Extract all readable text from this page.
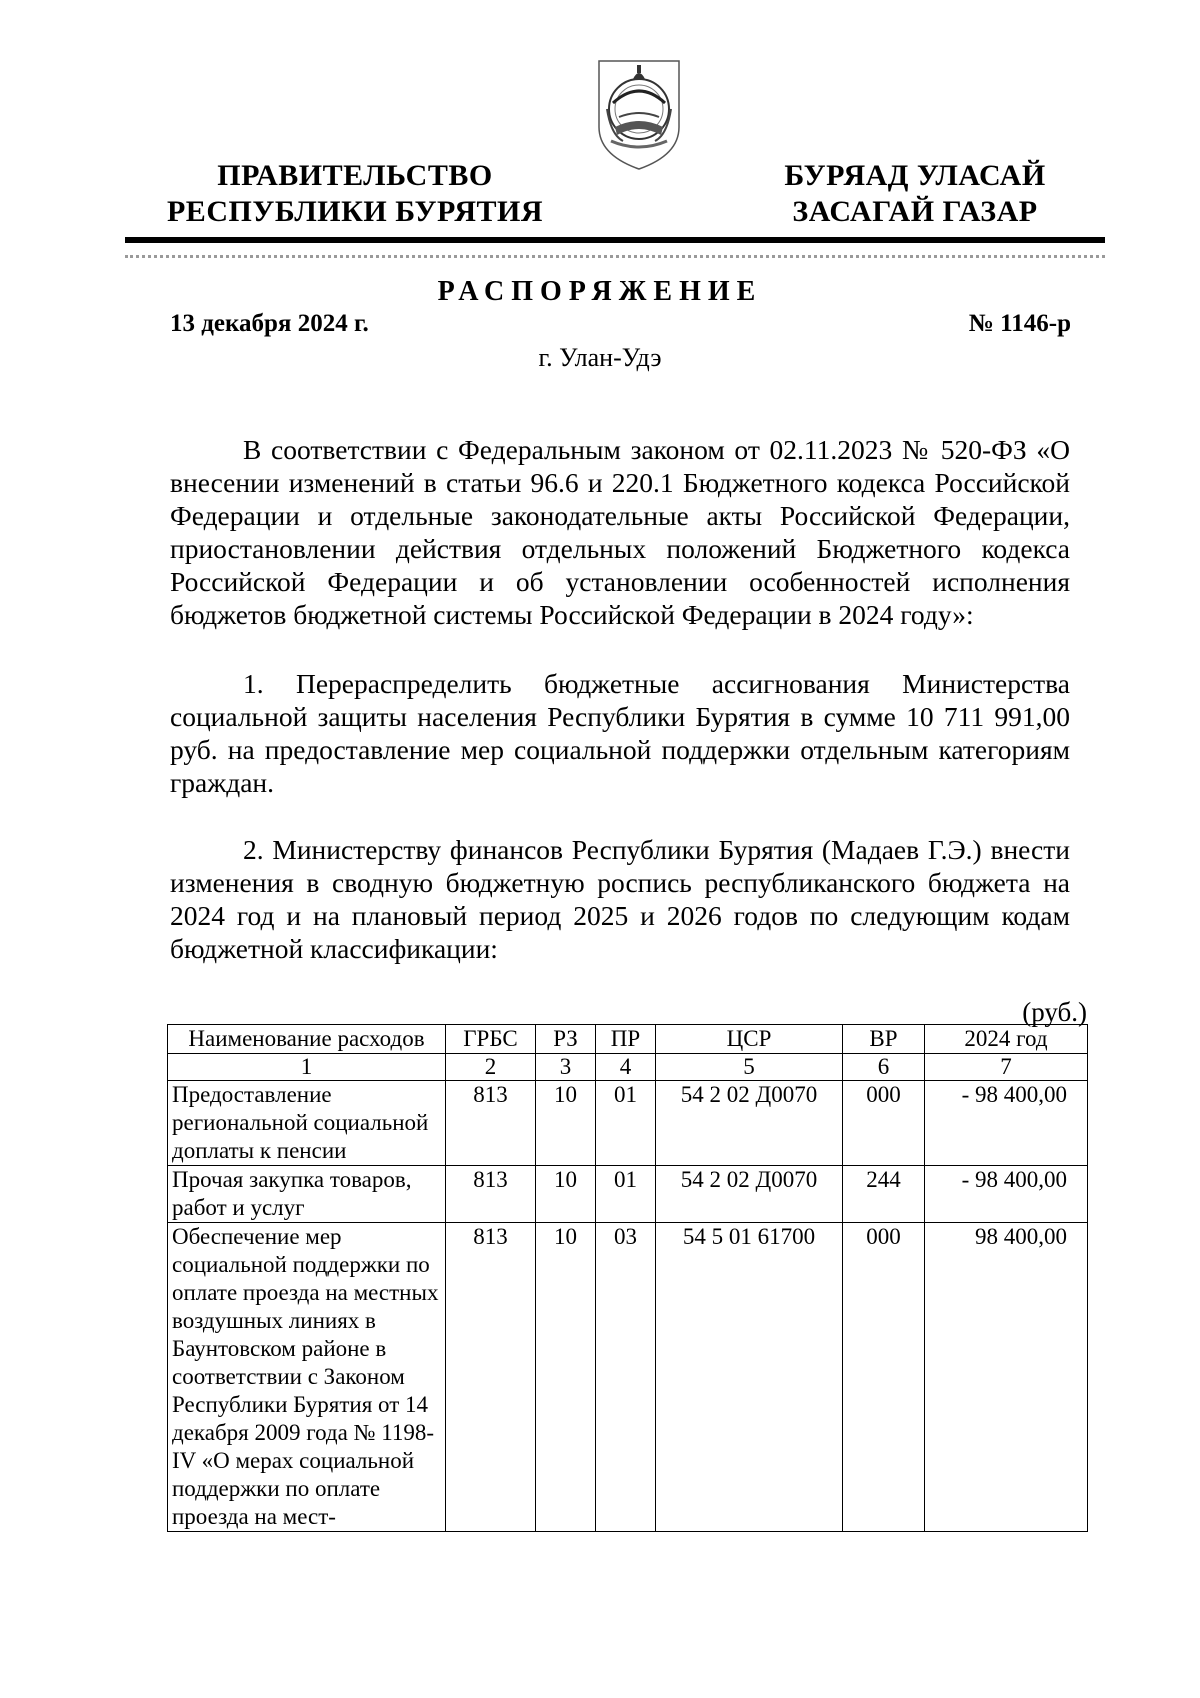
ПРАВИТЕЛЬСТВО
РЕСПУБЛИКИ БУРЯТИЯ
БУРЯАД УЛАСАЙ
ЗАСАГАЙ ГАЗАР
РАСПОРЯЖЕНИЕ
13 декабря 2024 г.	№ 1146-р
г. Улан-Удэ

В соответствии с Федеральным законом от 02.11.2023 № 520-ФЗ «О внесении изменений в статьи 96.6 и 220.1 Бюджетного кодекса Российской Федерации и отдельные законодательные акты Российской Федерации, приостановлении действия отдельных положений Бюджетного кодекса Российской Федерации и об установлении особенностей исполнения бюджетов бюджетной системы Российской Федерации в 2024 году»:

1. Перераспределить бюджетные ассигнования Министерства социальной защиты населения Республики Бурятия в сумме 10 711 991,00 руб. на предоставление мер социальной поддержки отдельным категориям граждан.

2. Министерству финансов Республики Бурятия (Мадаев Г.Э.) внести изменения в сводную бюджетную роспись республиканского бюджета на 2024 год и на плановый период 2025 и 2026 годов по следующим кодам бюджетной классификации:

(руб.)
Наименование расходов	ГРБС	РЗ	ПР	ЦСР	ВР	2024 год
1	2	3	4	5	6	7
Предоставление региональной социальной доплаты к пенсии	813	10	01	54 2 02 Д0070	000	- 98 400,00
Прочая закупка товаров, работ и услуг	813	10	01	54 2 02 Д0070	244	- 98 400,00
Обеспечение мер социальной поддержки по оплате проезда на местных воздушных линиях в Баунтовском районе в соответствии с Законом Республики Бурятия от 14 декабря 2009 года № 1198-IV «О мерах социальной поддержки по оплате проезда на мест-	813	10	03	54 5 01 61700	000	98 400,00
